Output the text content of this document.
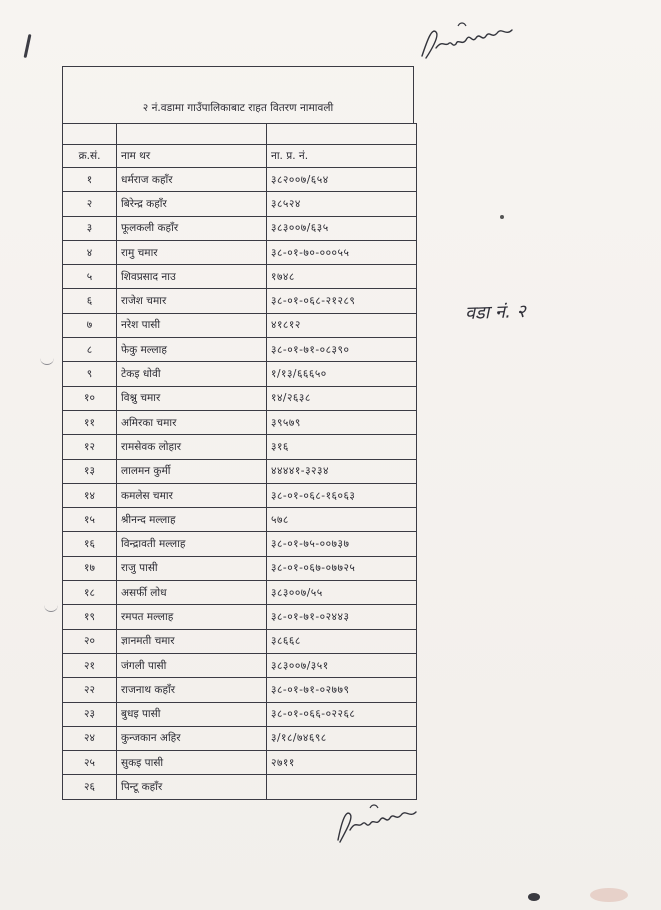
वडा नं. २
२ नं.वडामा गाउँपालिकाबाट राहत वितरण नामावली

क्र.सं.	नाम थर	ना. प्र. नं.
१	धर्मराज कहाँर	३८२००७/६५४
२	बिरेन्द्र कहाँर	३८५२४
३	फूलकली कहाँर	३८३००७/६३५
४	रामु चमार	३८-०१-७०-०००५५
५	शिवप्रसाद नाउ	१७४८
६	राजेश चमार	३८-०१-०६८-२१२८९
७	नरेश पासी	४१८१२
८	फेकु मल्लाह	३८-०१-७१-०८३९०
९	टेकइ धोवी	१/१३/६६६५०
१०	विश्नु चमार	१४/२६३८
११	अमिरका चमार	३९५७९
१२	रामसेवक लोहार	३१६
१३	लालमन कुर्मी	४४४४१-३२३४
१४	कमलेस चमार	३८-०१-०६८-१६०६३
१५	श्रीनन्द मल्लाह	५७८
१६	विन्द्रावती मल्लाह	३८-०१-७५-००७३७
१७	राजु पासी	३८-०१-०६७-०७७२५
१८	असर्फी लोध	३८३००७/५५
१९	रमपत मल्लाह	३८-०१-७१-०२४४३
२०	ज्ञानमती चमार	३८६६८
२१	जंगली पासी	३८३००७/३५१
२२	राजनाथ कहाँर	३८-०१-७१-०२७७९
२३	बुधइ पासी	३८-०१-०६६-०२२६८
२४	कुन्जकान अहिर	३/१८/७४६९८
२५	सुकइ पासी	२७११
२६	पिन्टू कहाँर	
